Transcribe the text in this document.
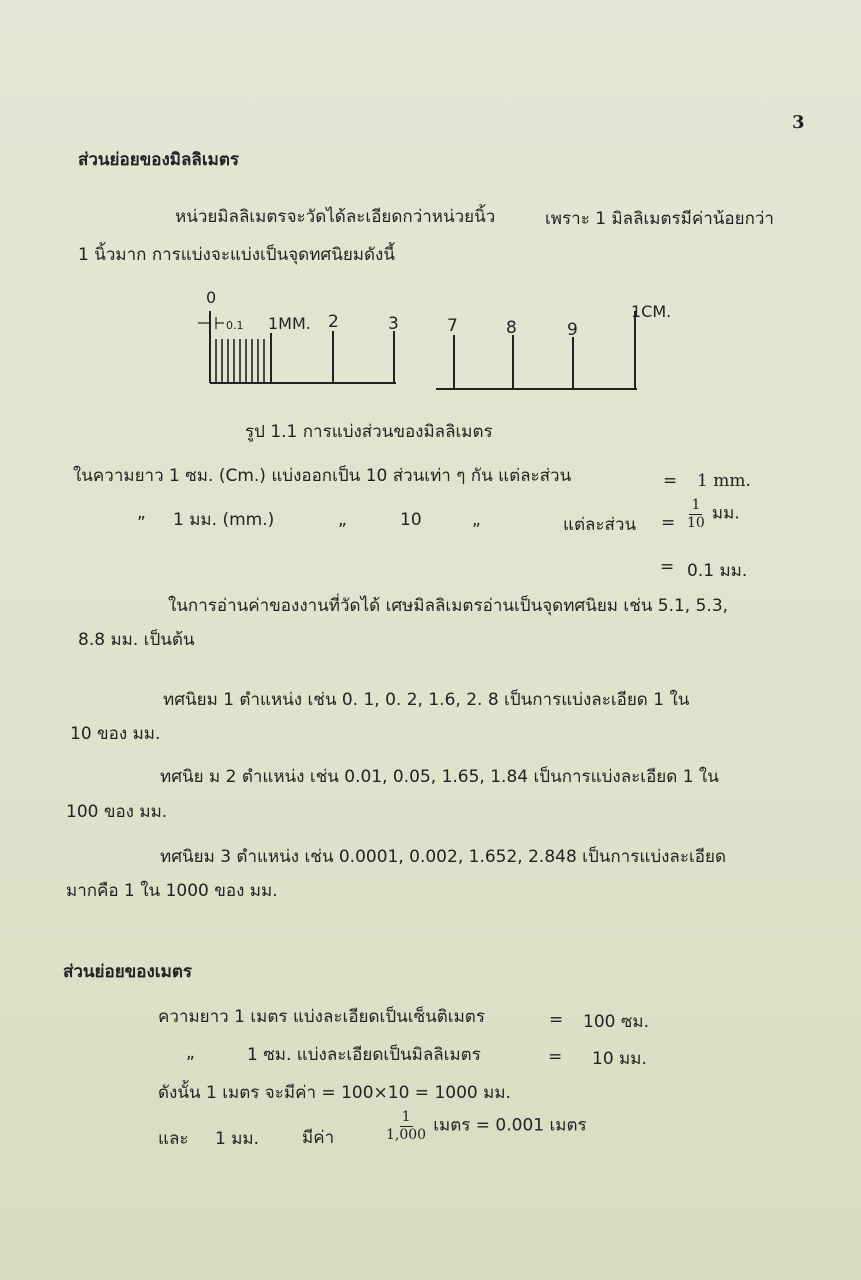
3
ส่วนย่อยของมิลลิเมตร
หน่วยมิลลิเมตรจะวัดได้ละเอียดกว่าหน่วยนิ้ว	เพราะ 1 มิลลิเมตรมีค่าน้อยกว่า
1 นิ้วมาก การแบ่งจะแบ่งเป็นจุดทศนิยมดังนี้
0
0.1 1MM. 2	3	7	8	9
1CM.
รูป 1.1 การแบ่งส่วนของมิลลิเมตร
ในความยาว 1 ซม. (Cm.) แบ่งออกเป็น 10 ส่วนเท่า ๆ กัน แต่ละส่วน	= 1 mm.
„ 1 มม. (mm.)	„	10	„	แต่ละส่วน = $\frac{1}{10}$ มม.
= 0.1 มม.
ในการอ่านค่าของงานที่วัดได้ เศษมิลลิเมตรอ่านเป็นจุดทศนิยม เช่น 5.1, 5.3,
8.8 มม. เป็นต้น
ทศนิยม 1 ตำแหน่ง เช่น 0. 1, 0. 2, 1.6, 2. 8 เป็นการแบ่งละเอียด 1 ใน
10 ของ มม.
ทศนิย ม 2 ตำแหน่ง เช่น 0.01, 0.05, 1.65, 1.84 เป็นการแบ่งละเอียด 1 ใน
100 ของ มม.
ทศนิยม 3 ตำแหน่ง เช่น 0.0001, 0.002, 1.652, 2.848 เป็นการแบ่งละเอียด
มากคือ 1 ใน 1000 ของ มม.
ส่วนย่อยของเมตร
ความยาว 1 เมตร แบ่งละเอียดเป็นเซ็นติเมตร	= 100 ซม.
„	1 ซม. แบ่งละเอียดเป็นมิลลิเมตร	= 10 มม.
ดังนั้น 1 เมตร จะมีค่า = 100×10 = 1000 มม.
และ 1 มม.	มีค่า	$\frac{1}{1,000}$ เมตร = 0.001 เมตร
